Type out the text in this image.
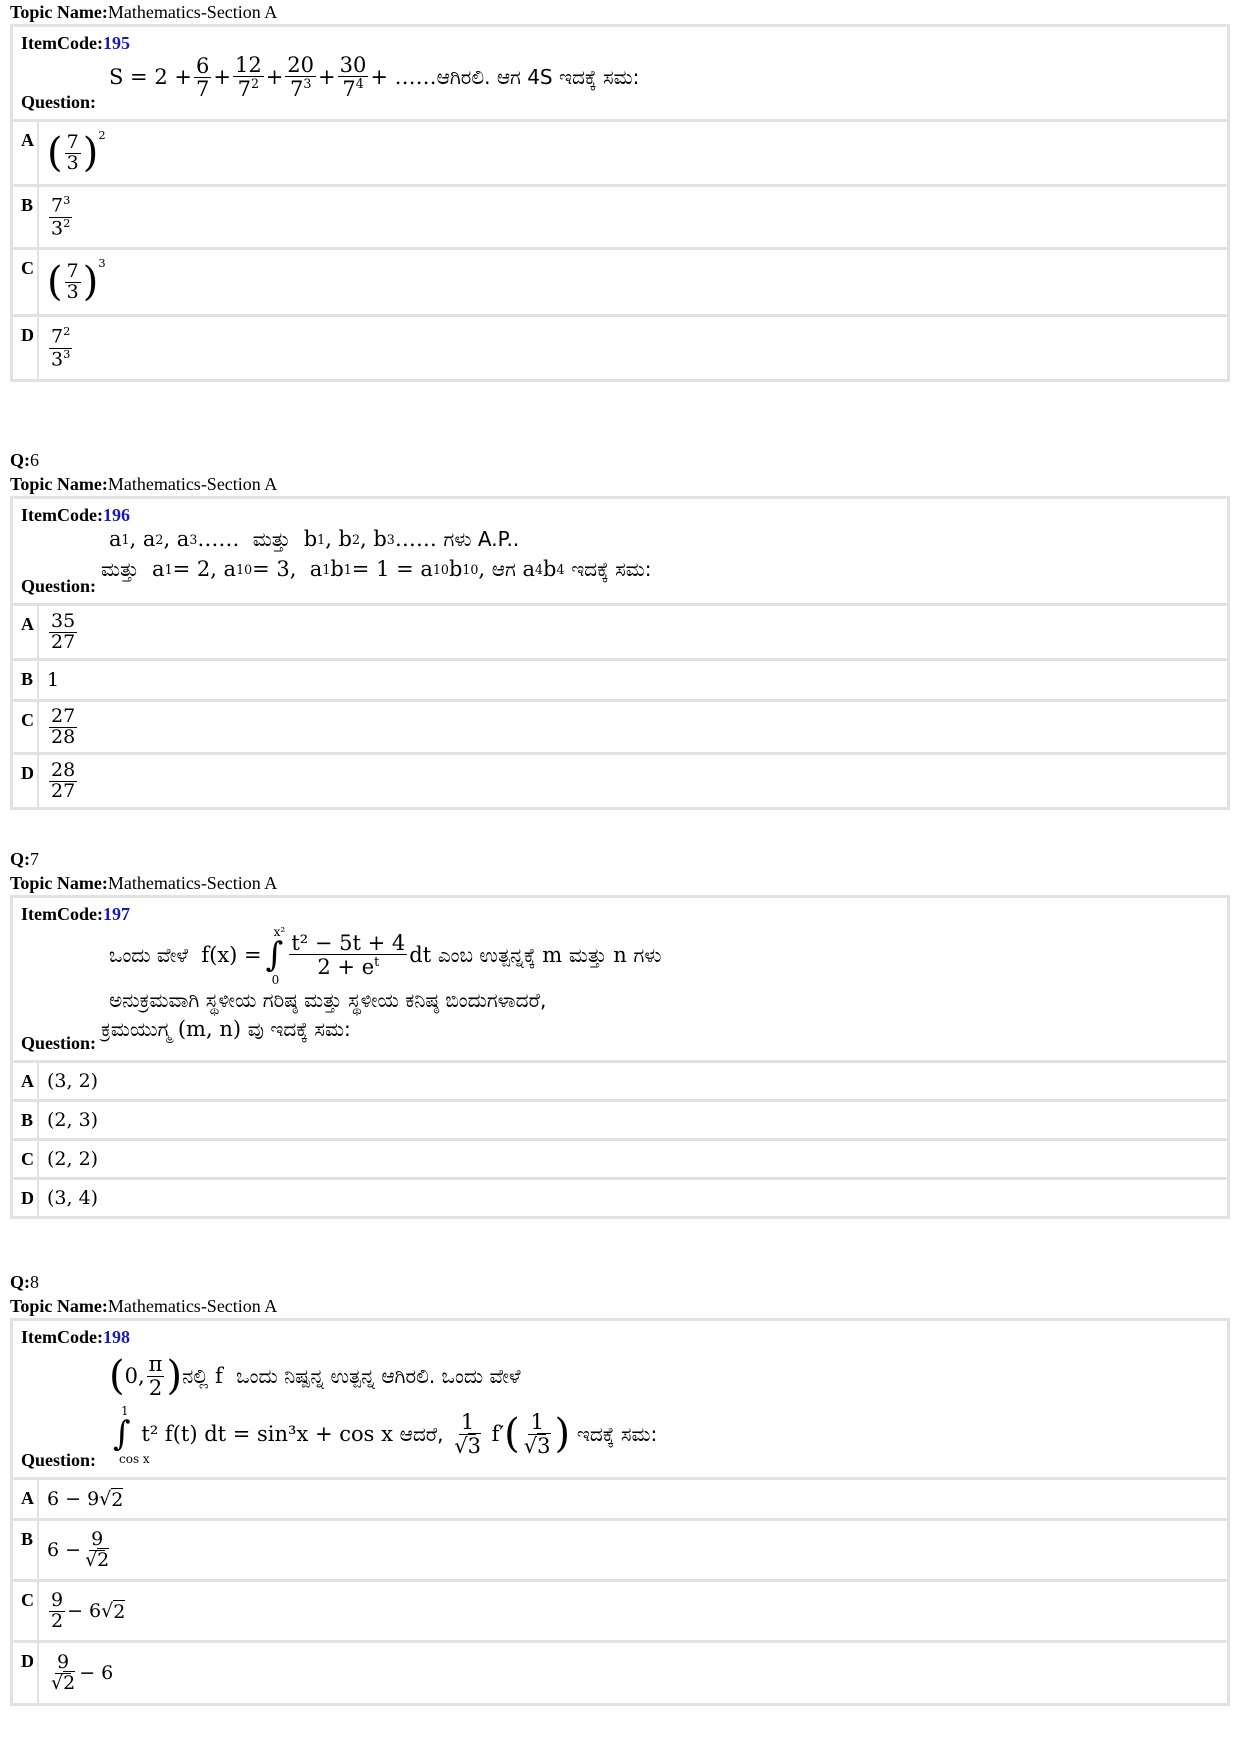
Topic Name:Mathematics-Section A
ItemCode:195
$S = 2 + \frac{6}{7} + \frac{12}{7^2} + \frac{20}{7^3} + \frac{30}{7^4}$ + …… ಆಗಿರಲಿ. ಆಗ 4S ಇದಕ್ಕೆ ಸಮ:
Question:
A ( $\frac{7}{3} )^2$
B $\frac{7^3}{3^2}$
C ( $\frac{7}{3} )^3$
D $\frac{7^2}{3^3}$
Q:6
Topic Name:Mathematics-Section A
ItemCode:196
a 1 , a 2 , a 3 …… ಮತ್ತು b 1 , b 2 , b 3 …… ಗಳು A.P..
ಮತ್ತು a 1 = 2, a 10 = 3,  a 1 b 1 = 1 = a 10 b 10 , ಆಗ a 4 b 4
ಇದಕ್ಕೆ ಸಮ:
Question:
A $\frac{35}{27}$
B 1
C $\frac{27}{28}$
D $\frac{28}{27}$
Q:7
Topic Name:Mathematics-Section A
ItemCode:197
ಒಂದು ವೇಳೆ f(x) = ∫
x²
0
$\frac{\text{t² − 5t + 4}}{2 + e^t}$ dt ಎಂಬ ಉತ್ಪನ್ನಕ್ಕೆ m ಮತ್ತು n ಗಳು
ಅನುಕ್ರಮವಾಗಿ ಸ್ಥಳೀಯ ಗರಿಷ್ಠ ಮತ್ತು ಸ್ಥಳೀಯ ಕನಿಷ್ಠ ಬಿಂದುಗಳಾದರೆ,
ಕ್ರಮಯುಗ್ಮ (m, n) ವು ಇದಕ್ಕೆ ಸಮ:
Question:
A (3, 2)
B (2, 3)
C (2, 2)
D (3, 4)
Q:8
Topic Name:Mathematics-Section A
ItemCode:198
( 0, $\frac{\pi}{2}$ ) ನಲ್ಲಿ f ಒಂದು ನಿಷ್ಪನ್ನ ಉತ್ಪನ್ನ ಆಗಿರಲಿ. ಒಂದು ವೇಳೆ
∫
1
cos x
t² f(t) dt = sin³x + cos x ಆದರೆ,
$\frac{1}{√3} f'$ ( $\frac{1}{√3}$ )
ಇದಕ್ಕೆ ಸಮ:
Question:
A 6 − 9√ 2
B $6 - \frac{9}{√2}$
C $\frac{9}{2} - 6√$ 2
D $\frac{9}{√2} - 6$
